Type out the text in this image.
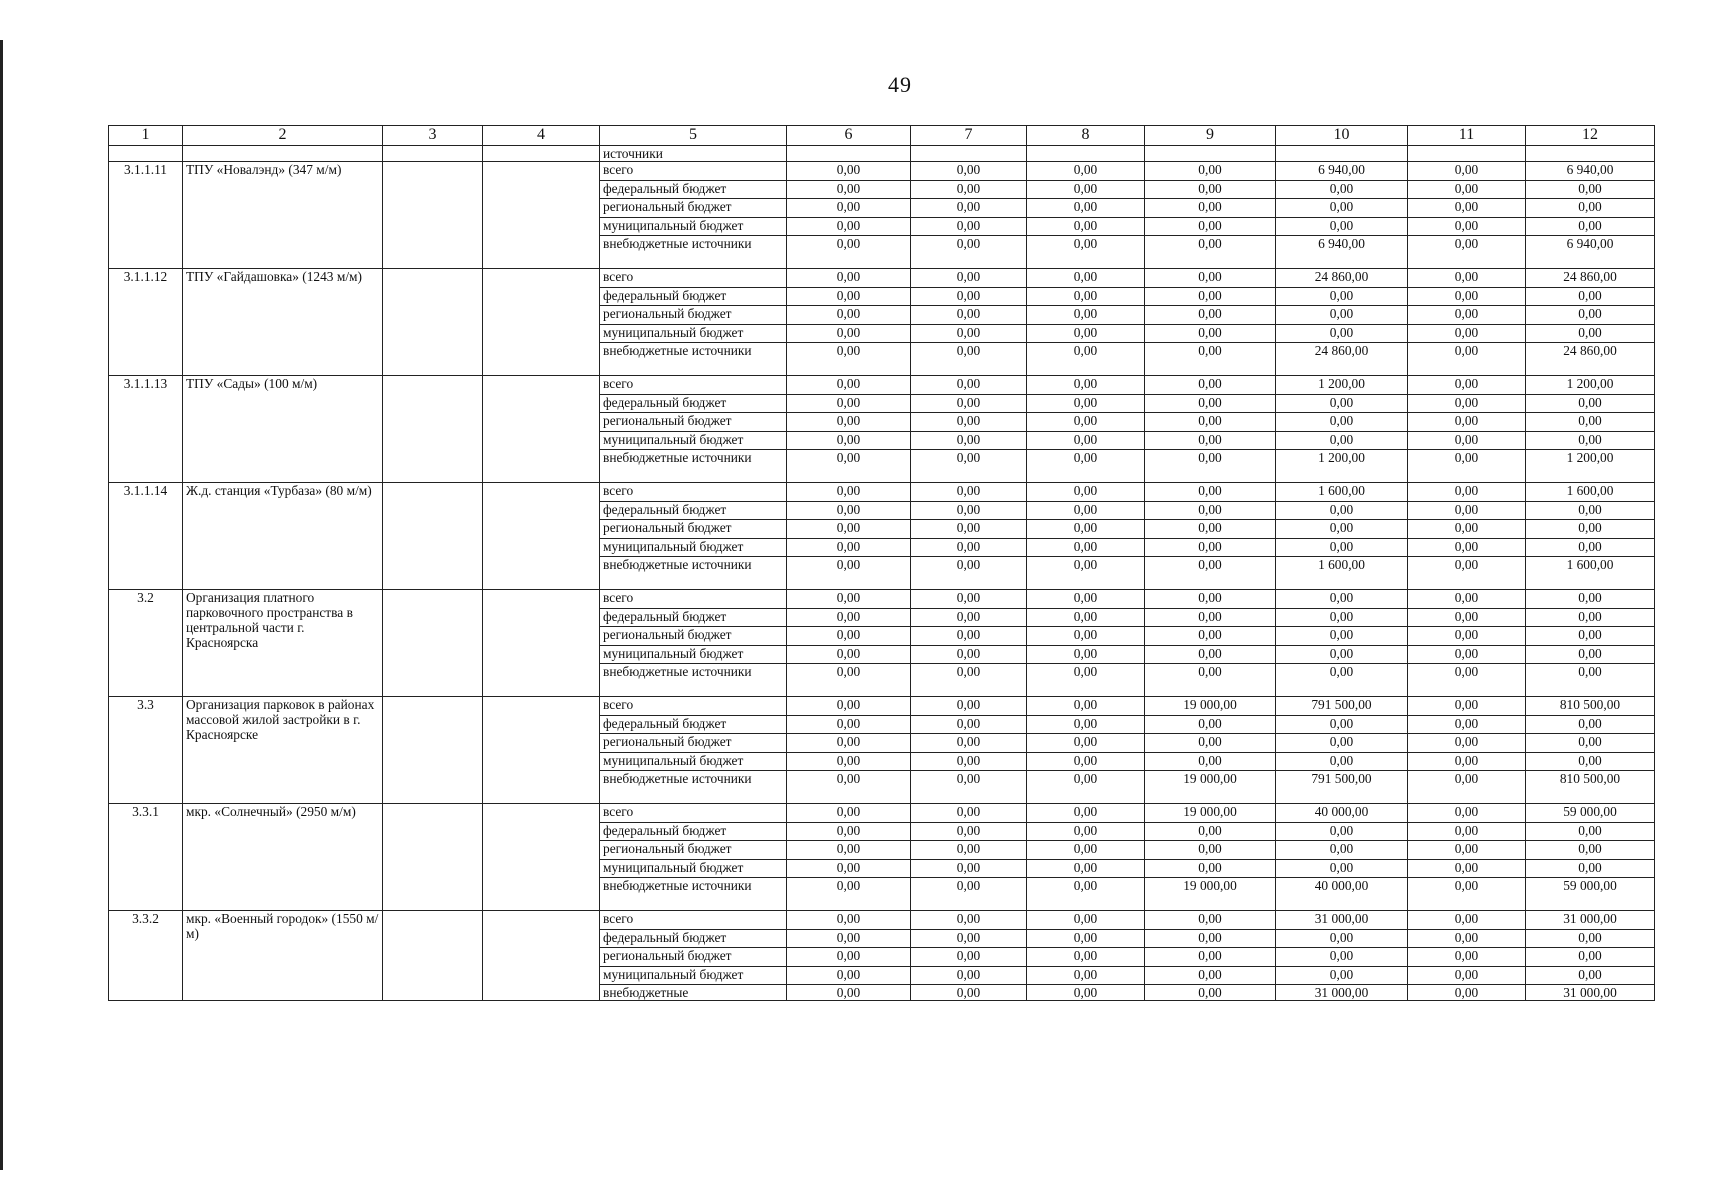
49
1	2	3	4	5	6	7	8	9	10	11	12
				источники							
3.1.1.11	ТПУ «Новалэнд» (347 м/м)			всего	0,00	0,00	0,00	0,00	6 940,00	0,00	6 940,00
				федеральный бюджет	0,00	0,00	0,00	0,00	0,00	0,00	0,00
				региональный бюджет	0,00	0,00	0,00	0,00	0,00	0,00	0,00
				муниципальный бюджет	0,00	0,00	0,00	0,00	0,00	0,00	0,00
				внебюджетные источники	0,00	0,00	0,00	0,00	6 940,00	0,00	6 940,00
3.1.1.12	ТПУ «Гайдашовка» (1243 м/м)			всего	0,00	0,00	0,00	0,00	24 860,00	0,00	24 860,00
				федеральный бюджет	0,00	0,00	0,00	0,00	0,00	0,00	0,00
				региональный бюджет	0,00	0,00	0,00	0,00	0,00	0,00	0,00
				муниципальный бюджет	0,00	0,00	0,00	0,00	0,00	0,00	0,00
				внебюджетные источники	0,00	0,00	0,00	0,00	24 860,00	0,00	24 860,00
3.1.1.13	ТПУ «Сады» (100 м/м)			всего	0,00	0,00	0,00	0,00	1 200,00	0,00	1 200,00
				федеральный бюджет	0,00	0,00	0,00	0,00	0,00	0,00	0,00
				региональный бюджет	0,00	0,00	0,00	0,00	0,00	0,00	0,00
				муниципальный бюджет	0,00	0,00	0,00	0,00	0,00	0,00	0,00
				внебюджетные источники	0,00	0,00	0,00	0,00	1 200,00	0,00	1 200,00
3.1.1.14	Ж.д. станция «Турбаза» (80 м/м)			всего	0,00	0,00	0,00	0,00	1 600,00	0,00	1 600,00
				федеральный бюджет	0,00	0,00	0,00	0,00	0,00	0,00	0,00
				региональный бюджет	0,00	0,00	0,00	0,00	0,00	0,00	0,00
				муниципальный бюджет	0,00	0,00	0,00	0,00	0,00	0,00	0,00
				внебюджетные источники	0,00	0,00	0,00	0,00	1 600,00	0,00	1 600,00
3.2	Организация платного парковочного пространства в центральной части г. Красноярска			всего	0,00	0,00	0,00	0,00	0,00	0,00	0,00
				федеральный бюджет	0,00	0,00	0,00	0,00	0,00	0,00	0,00
				региональный бюджет	0,00	0,00	0,00	0,00	0,00	0,00	0,00
				муниципальный бюджет	0,00	0,00	0,00	0,00	0,00	0,00	0,00
				внебюджетные источники	0,00	0,00	0,00	0,00	0,00	0,00	0,00
3.3	Организация парковок в районах массовой жилой застройки в г. Красноярске			всего	0,00	0,00	0,00	19 000,00	791 500,00	0,00	810 500,00
				федеральный бюджет	0,00	0,00	0,00	0,00	0,00	0,00	0,00
				региональный бюджет	0,00	0,00	0,00	0,00	0,00	0,00	0,00
				муниципальный бюджет	0,00	0,00	0,00	0,00	0,00	0,00	0,00
				внебюджетные источники	0,00	0,00	0,00	19 000,00	791 500,00	0,00	810 500,00
3.3.1	мкр. «Солнечный» (2950 м/м)			всего	0,00	0,00	0,00	19 000,00	40 000,00	0,00	59 000,00
				федеральный бюджет	0,00	0,00	0,00	0,00	0,00	0,00	0,00
				региональный бюджет	0,00	0,00	0,00	0,00	0,00	0,00	0,00
				муниципальный бюджет	0,00	0,00	0,00	0,00	0,00	0,00	0,00
				внебюджетные источники	0,00	0,00	0,00	19 000,00	40 000,00	0,00	59 000,00
3.3.2	мкр. «Военный городок» (1550 м/м)			всего	0,00	0,00	0,00	0,00	31 000,00	0,00	31 000,00
				федеральный бюджет	0,00	0,00	0,00	0,00	0,00	0,00	0,00
				региональный бюджет	0,00	0,00	0,00	0,00	0,00	0,00	0,00
				муниципальный бюджет	0,00	0,00	0,00	0,00	0,00	0,00	0,00
				внебюджетные	0,00	0,00	0,00	0,00	31 000,00	0,00	31 000,00
